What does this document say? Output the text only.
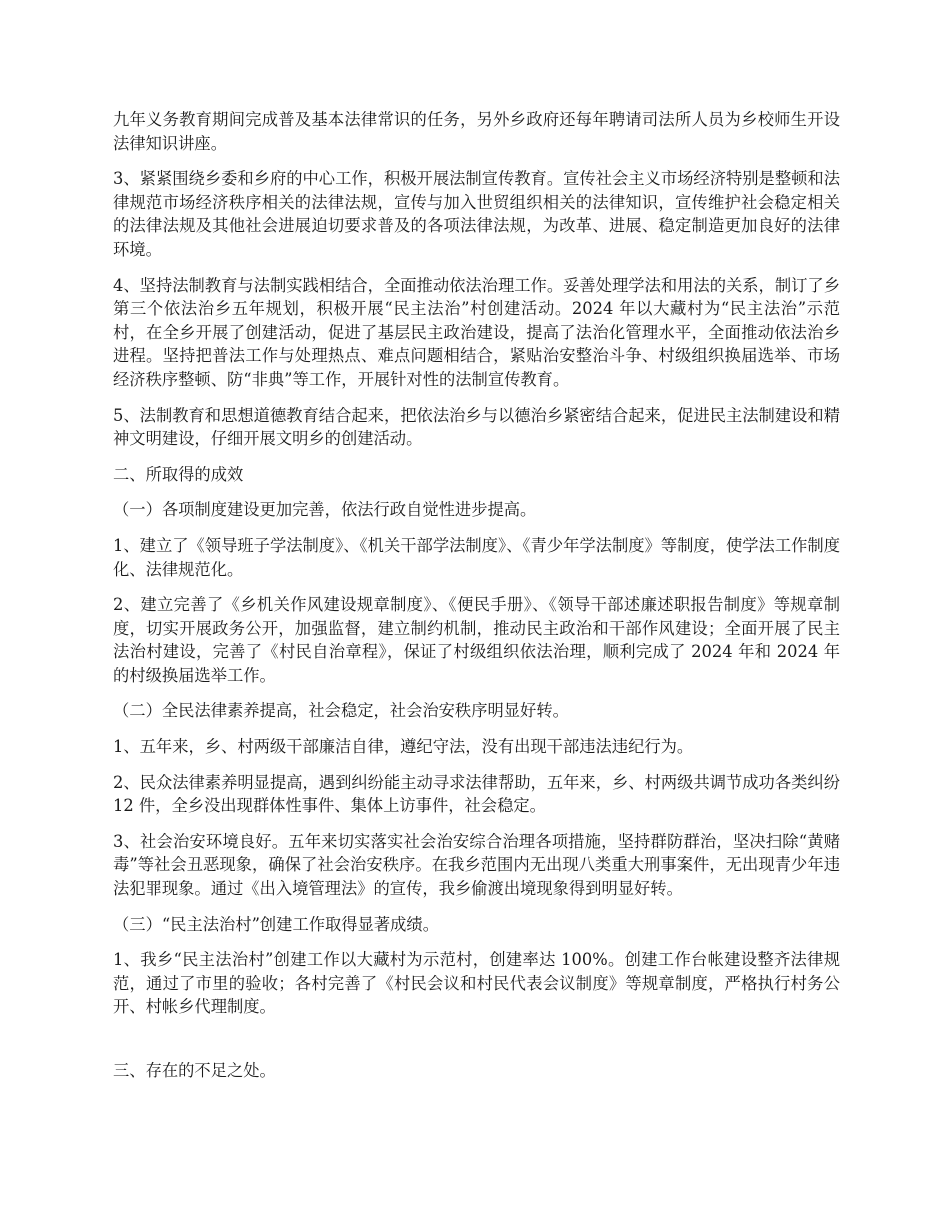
九年义务教育期间完成普及基本法律常识的任务，另外乡政府还每年聘请司法所人员为乡校师生开设法律知识讲座。

3、紧紧围绕乡委和乡府的中心工作，积极开展法制宣传教育。宣传社会主义市场经济特别是整顿和法律规范市场经济秩序相关的法律法规，宣传与加入世贸组织相关的法律知识，宣传维护社会稳定相关的法律法规及其他社会进展迫切要求普及的各项法律法规，为改革、进展、稳定制造更加良好的法律环境。

4、坚持法制教育与法制实践相结合，全面推动依法治理工作。妥善处理学法和用法的关系，制订了乡第三个依法治乡五年规划，积极开展“民主法治”村创建活动。2024 年以大藏村为“民主法治”示范村，在全乡开展了创建活动，促进了基层民主政治建设，提高了法治化管理水平，全面推动依法治乡进程。坚持把普法工作与处理热点、难点问题相结合，紧贴治安整治斗争、村级组织换届选举、市场经济秩序整顿、防“非典”等工作，开展针对性的法制宣传教育。

5、法制教育和思想道德教育结合起来，把依法治乡与以德治乡紧密结合起来，促进民主法制建设和精神文明建设，仔细开展文明乡的创建活动。

二、所取得的成效

（一）各项制度建设更加完善，依法行政自觉性进步提高。

1、建立了《领导班子学法制度》、《机关干部学法制度》、《青少年学法制度》等制度，使学法工作制度化、法律规范化。

2、建立完善了《乡机关作风建设规章制度》、《便民手册》、《领导干部述廉述职报告制度》等规章制度，切实开展政务公开，加强监督，建立制约机制，推动民主政治和干部作风建设；全面开展了民主法治村建设，完善了《村民自治章程》，保证了村级组织依法治理，顺利完成了 2024 年和 2024 年的村级换届选举工作。

（二）全民法律素养提高，社会稳定，社会治安秩序明显好转。

1、五年来，乡、村两级干部廉洁自律，遵纪守法，没有出现干部违法违纪行为。

2、民众法律素养明显提高，遇到纠纷能主动寻求法律帮助，五年来，乡、村两级共调节成功各类纠纷 12 件，全乡没出现群体性事件、集体上访事件，社会稳定。

3、社会治安环境良好。五年来切实落实社会治安综合治理各项措施，坚持群防群治，坚决扫除“黄赌毒”等社会丑恶现象，确保了社会治安秩序。在我乡范围内无出现八类重大刑事案件，无出现青少年违法犯罪现象。通过《出入境管理法》的宣传，我乡偷渡出境现象得到明显好转。

（三）“民主法治村”创建工作取得显著成绩。

1、我乡“民主法治村”创建工作以大藏村为示范村，创建率达 100%。创建工作台帐建设整齐法律规范，通过了市里的验收；各村完善了《村民会议和村民代表会议制度》等规章制度，严格执行村务公开、村帐乡代理制度。

三、存在的不足之处。
